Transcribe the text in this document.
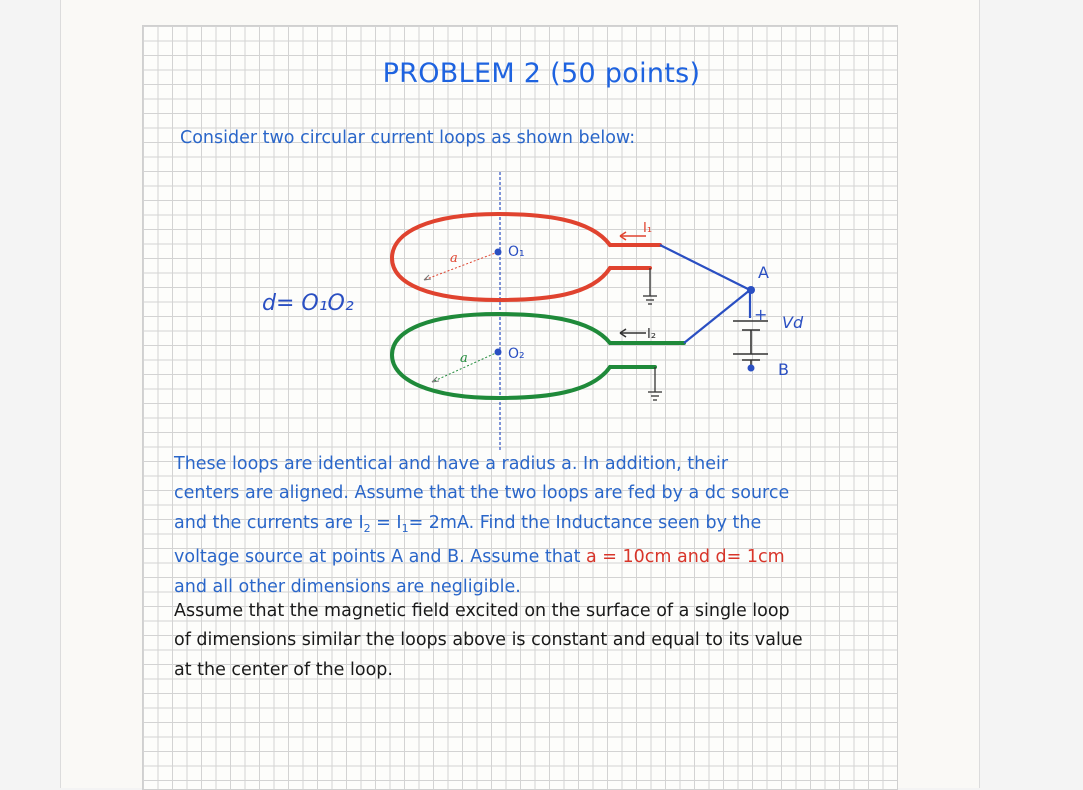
PROBLEM 2 (50 points)
Consider two circular current loops as shown below:
d= O₁O₂
O₁
O₂
a
a
I₁
I₂
A
B
+ Vd

These loops are identical and have a radius a. In addition, their

centers are aligned. Assume that the two loops are fed by a dc source

and the currents are $I_2 = I_1= 2mA$. Find the Inductance seen by the

voltage source at points A and B. Assume that a = 10cm and d= 1cm

and all other dimensions are negligible.

Assume that the magnetic field excited on the surface of a single loop

of dimensions similar the loops above is constant and equal to its value

at the center of the loop.
